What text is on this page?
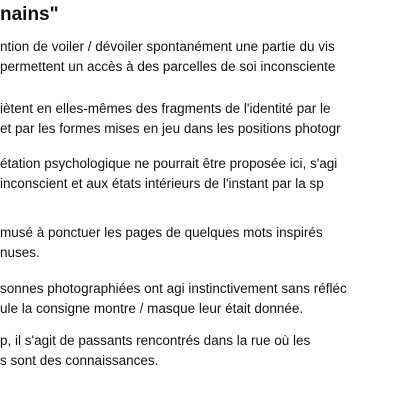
nains"
ntion de voiler / dévoiler spontanément une partie du vis
permettent un accès à des parcelles de soi inconsciente
iètent en elles-mêmes des fragments de l'identité par le
et par les formes mises en jeu dans les positions photogr
étation psychologique ne pourrait être proposée ici, s'agi
inconscient et aux états intérieurs de l'instant par la sp
musé à ponctuer les pages de quelques mots inspirés
nuses.
sonnes photographiées ont agi instinctivement sans réfléc
ule la consigne montre / masque leur était donnée.
p, il s'agit de passants rencontrés dans la rue où les
s sont des connaissances.
